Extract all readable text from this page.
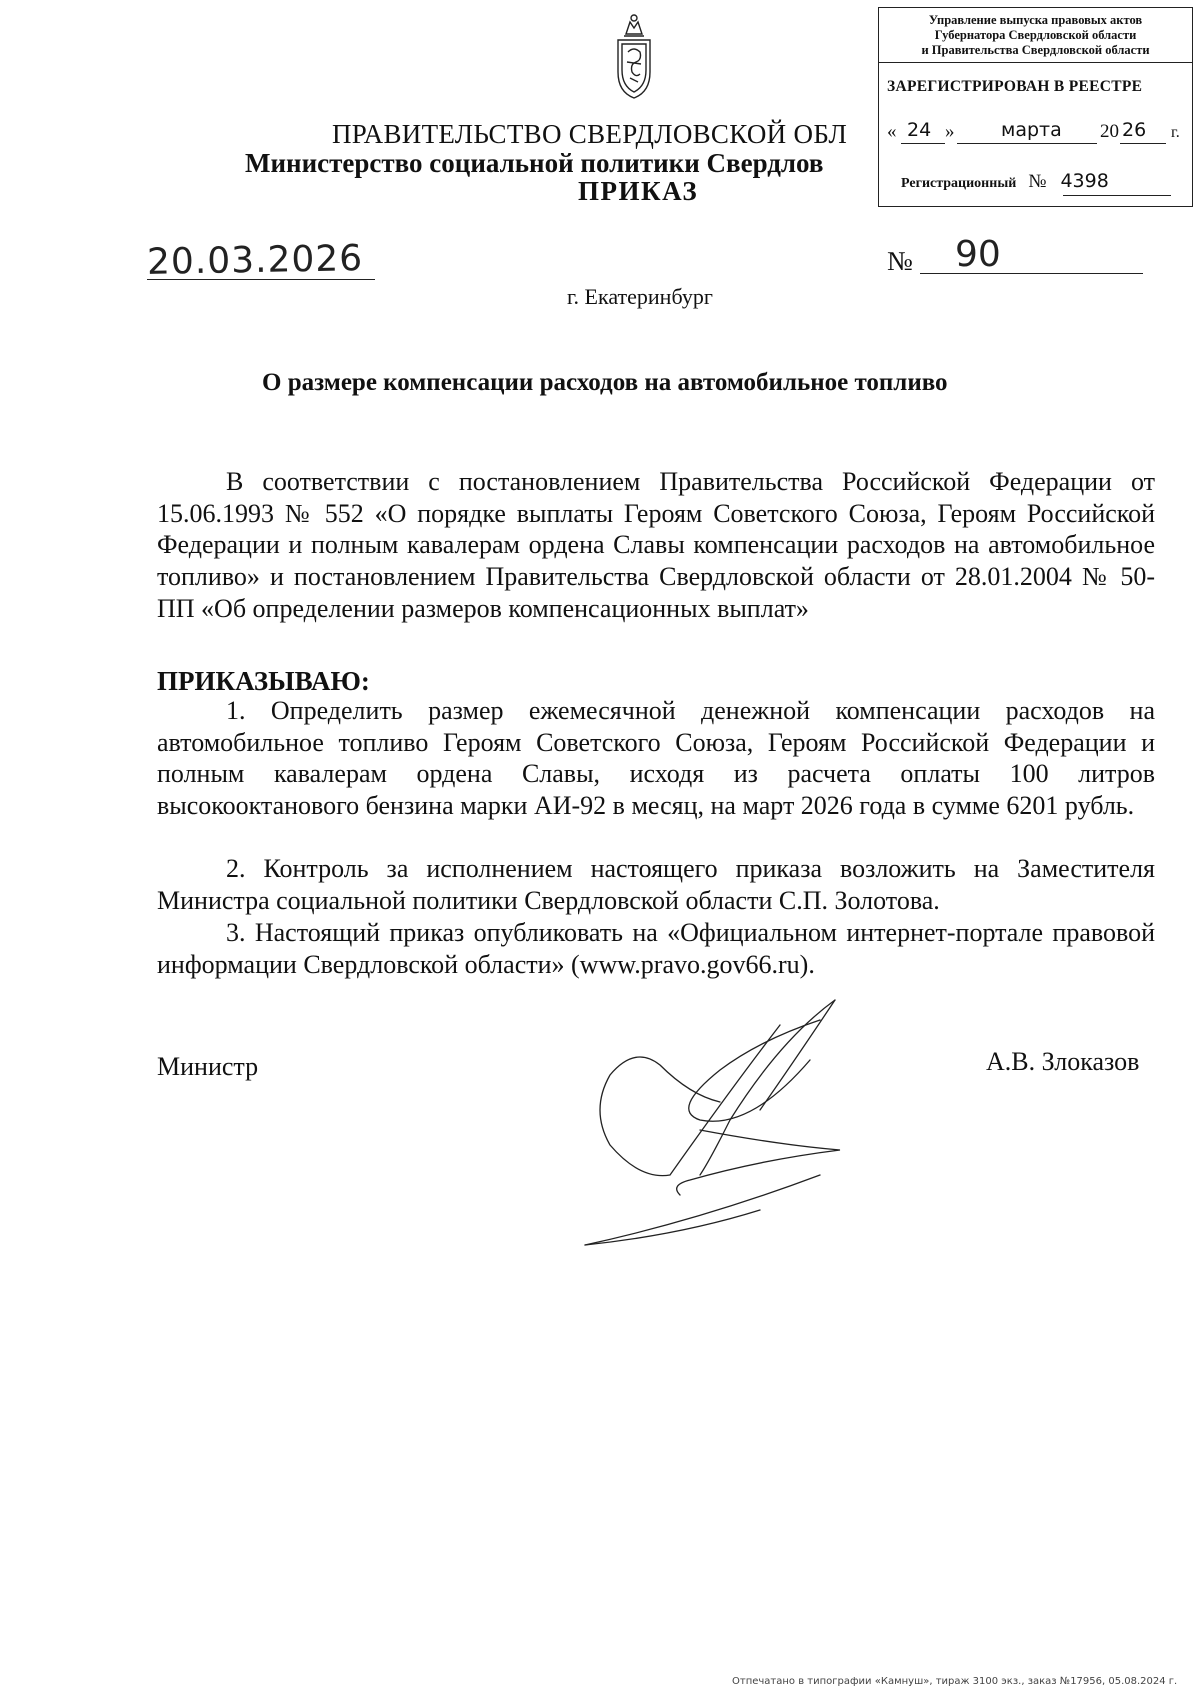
ПРАВИТЕЛЬСТВО СВЕРДЛОВСКОЙ ОБЛ
Министерство социальной политики Свердлов
ПРИКАЗ
Управление выпуска правовых актов
Губернатора Свердловской области
и Правительства Свердловской области
ЗАРЕГИСТРИРОВАН В РЕЕСТРЕ
« 24 » марта 20 26 г.
Регистрационный № 4398
20.03.2026	№ 90
г. Екатеринбург
О размере компенсации расходов на автомобильное топливо
В соответствии с постановлением Правительства Российской Федерации от 15.06.1993 № 552 «О порядке выплаты Героям Советского Союза, Героям Российской Федерации и полным кавалерам ордена Славы компенсации расходов на автомобильное топливо» и постановлением Правительства Свердловской области от 28.01.2004 № 50-ПП «Об определении размеров компенсационных выплат»
ПРИКАЗЫВАЮ:
1. Определить размер ежемесячной денежной компенсации расходов на автомобильное топливо Героям Советского Союза, Героям Российской Федерации и полным кавалерам ордена Славы, исходя из расчета оплаты 100 литров высокооктанового бензина марки АИ-92 в месяц, на март 2026 года в сумме 6201 рубль.
2. Контроль за исполнением настоящего приказа возложить на Заместителя Министра социальной политики Свердловской области С.П. Золотова.
3. Настоящий приказ опубликовать на «Официальном интернет-портале правовой информации Свердловской области» (www.pravo.gov66.ru).
Министр	А.В. Злоказов
Отпечатано в типографии «Камнуш», тираж 3100 экз., заказ №17956, 05.08.2024 г.
